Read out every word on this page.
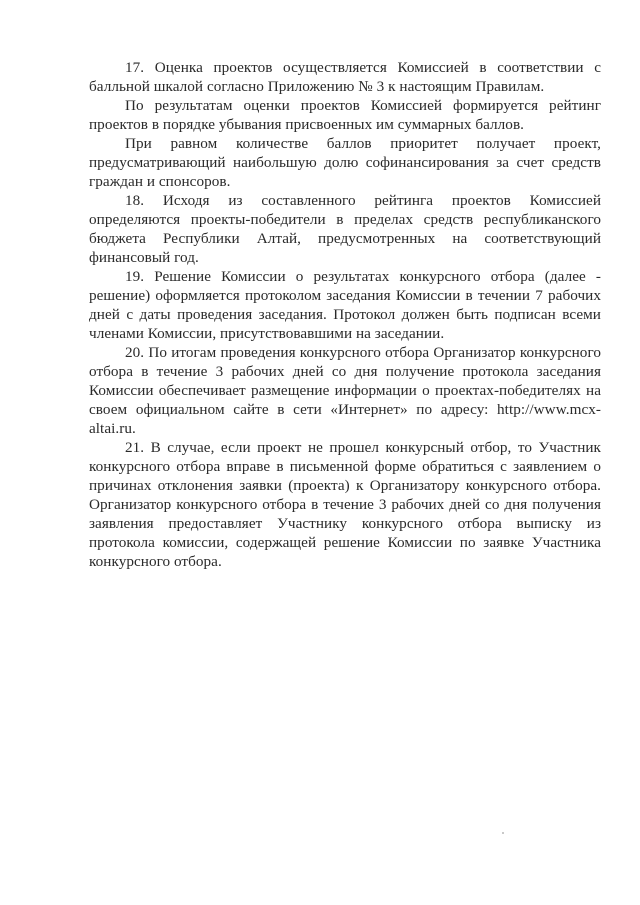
17. Оценка проектов осуществляется Комиссией в соответствии с балльной шкалой согласно Приложению № 3 к настоящим Правилам.

По результатам оценки проектов Комиссией формируется рейтинг проектов в порядке убывания присвоенных им суммарных баллов.

При равном количестве баллов приоритет получает проект, предусматривающий наибольшую долю софинансирования за счет средств граждан и спонсоров.

18. Исходя из составленного рейтинга проектов Комиссией определяются проекты-победители в пределах средств республиканского бюджета Республики Алтай, предусмотренных на соответствующий финансовый год.

19. Решение Комиссии о результатах конкурсного отбора (далее - решение) оформляется протоколом заседания Комиссии в течении 7 рабочих дней с даты проведения заседания. Протокол должен быть подписан всеми членами Комиссии, присутствовавшими на заседании.

20. По итогам проведения конкурсного отбора Организатор конкурсного отбора в течение 3 рабочих дней со дня получение протокола заседания Комиссии обеспечивает размещение информации о проектах-победителях на своем официальном сайте в сети «Интернет» по адресу: http://www.mcx-altai.ru.

21. В случае, если проект не прошел конкурсный отбор, то Участник конкурсного отбора вправе в письменной форме обратиться с заявлением о причинах отклонения заявки (проекта) к Организатору конкурсного отбора. Организатор конкурсного отбора в течение 3 рабочих дней со дня получения заявления предоставляет Участнику конкурсного отбора выписку из протокола комиссии, содержащей решение Комиссии по заявке Участника конкурсного отбора.
